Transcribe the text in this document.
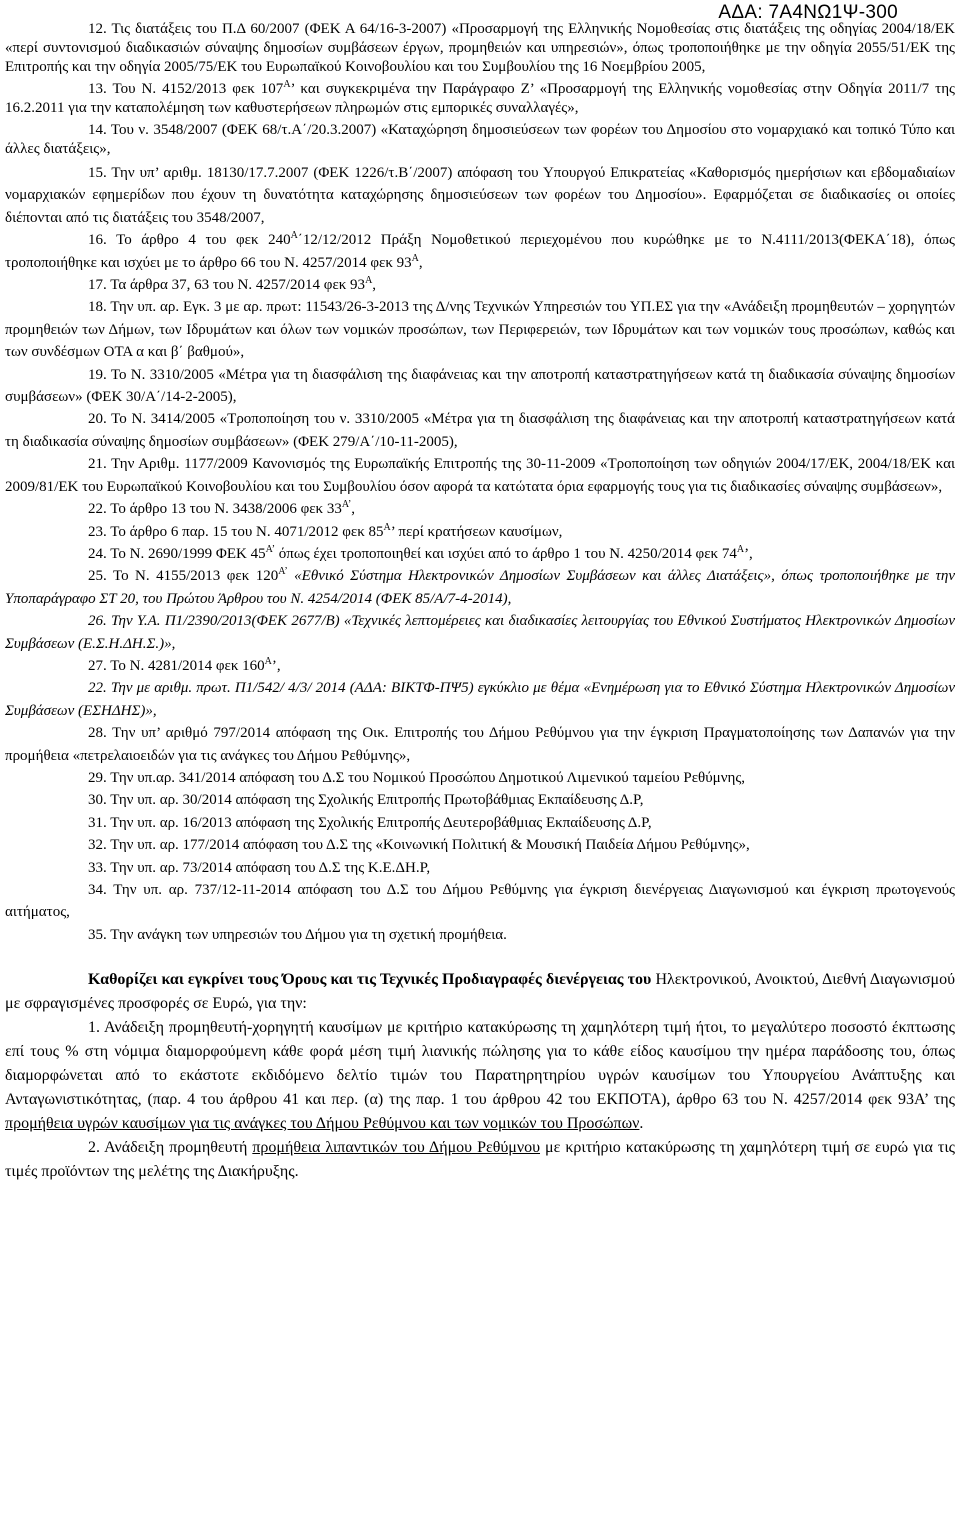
ΑΔΑ: 7Α4ΝΩ1Ψ-300
12. Τις διατάξεις του Π.Δ 60/2007 (ΦΕΚ Α 64/16-3-2007) «Προσαρμογή της Ελληνικής Νομοθεσίας στις διατάξεις της οδηγίας 2004/18/ΕΚ «περί συντονισμού διαδικασιών σύναψης δημοσίων συμβάσεων έργων, προμηθειών και υπηρεσιών», όπως τροποποιήθηκε με την οδηγία 2055/51/ΕΚ της Επιτροπής και την οδηγία 2005/75/ΕΚ του Ευρωπαϊκού Κοινοβουλίου και του Συμβουλίου της 16 Νοεμβρίου 2005,
13. Του Ν. 4152/2013 φεκ $107^A$’ και συγκεκριμένα την Παράγραφο Ζ’ «Προσαρμογή της Ελληνικής νομοθεσίας στην Οδηγία 2011/7 της 16.2.2011 για την καταπολέμηση των καθυστερήσεων πληρωμών στις εμπορικές συναλλαγές»,
14. Του ν. 3548/2007 (ΦΕΚ 68/τ.Α΄/20.3.2007) «Καταχώρηση δημοσιεύσεων των φορέων του Δημοσίου στο νομαρχιακό και τοπικό Τύπο και άλλες διατάξεις»,
15. Την υπ’ αριθμ. 18130/17.7.2007 (ΦΕΚ 1226/τ.Β΄/2007) απόφαση του Υπουργού Επικρατείας «Καθορισμός ημερήσιων και εβδομαδιαίων νομαρχιακών εφημερίδων που έχουν τη δυνατότητα καταχώρησης δημοσιεύσεων των φορέων του Δημοσίου». Εφαρμόζεται σε διαδικασίες οι οποίες διέπονται από τις διατάξεις του 3548/2007,
16. Το άρθρο 4 του φεκ $240^A΄12/12/2012$ Πράξη Νομοθετικού περιεχομένου που κυρώθηκε με το Ν.4111/2013(ΦΕΚΑ΄18), όπως τροποποιήθηκε και ισχύει με το άρθρο 66 του Ν. 4257/2014 φεκ $93^A$,
17. Τα άρθρα 37, 63 του Ν. 4257/2014 φεκ $93^A$,
18. Την υπ. αρ. Εγκ. 3 με αρ. πρωτ: 11543/26-3-2013 της Δ/νης Τεχνικών Υπηρεσιών του ΥΠ.ΕΣ για την «Ανάδειξη προμηθευτών – χορηγητών προμηθειών των Δήμων, των Ιδρυμάτων και όλων των νομικών προσώπων, των Περιφερειών, των Ιδρυμάτων και των νομικών τους προσώπων, καθώς και των συνδέσμων ΟΤΑ α και β΄ βαθμού»,
19. Το Ν. 3310/2005 «Μέτρα για τη διασφάλιση της διαφάνειας και την αποτροπή καταστρατηγήσεων κατά τη διαδικασία σύναψης δημοσίων συμβάσεων» (ΦΕΚ 30/Α΄/14-2-2005),
20. Το Ν. 3414/2005 «Τροποποίηση του ν. 3310/2005 «Μέτρα για τη διασφάλιση της διαφάνειας και την αποτροπή καταστρατηγήσεων κατά τη διαδικασία σύναψης δημοσίων συμβάσεων» (ΦΕΚ 279/Α΄/10-11-2005),
21. Την Αριθμ. 1177/2009 Κανονισμός της Ευρωπαϊκής Επιτροπής της 30-11-2009 «Τροποποίηση των οδηγιών 2004/17/ΕΚ, 2004/18/ΕΚ και 2009/81/ΕΚ του Ευρωπαϊκού Κοινοβουλίου και του Συμβουλίου όσον αφορά τα κατώτατα όρια εφαρμογής τους για τις διαδικασίες σύναψης συμβάσεων»,
22. Το άρθρο 13 του Ν. 3438/2006 φεκ $33^{A’}$,
23. Το άρθρο 6 παρ. 15 του Ν. 4071/2012 φεκ $85^A$’ περί κρατήσεων καυσίμων,
24. Το Ν. 2690/1999 ΦΕΚ $45^{A’}$ όπως έχει τροποποιηθεί και ισχύει από το άρθρο 1 του Ν. 4250/2014 φεκ $74^A$’,
25. Το Ν. 4155/2013 φεκ $120^{A’}$ «Εθνικό Σύστημα Ηλεκτρονικών Δημοσίων Συμβάσεων και άλλες Διατάξεις», όπως τροποποιήθηκε με την Υποπαράγραφο ΣΤ 20, του Πρώτου Άρθρου του Ν. 4254/2014 (ΦΕΚ 85/Α/7-4-2014),
26. Την Υ.Α. Π1/2390/2013(ΦΕΚ 2677/Β) «Τεχνικές λεπτομέρειες και διαδικασίες λειτουργίας του Εθνικού Συστήματος Ηλεκτρονικών Δημοσίων Συμβάσεων (Ε.Σ.Η.ΔΗ.Σ.)»,
27. Το Ν. 4281/2014 φεκ $160^A$’,
22. Την με αριθμ. πρωτ. Π1/542/ 4/3/ 2014 (ΑΔΑ: ΒΙΚΤΦ-ΠΨ5) εγκύκλιο με θέμα «Ενημέρωση για το Εθνικό Σύστημα Ηλεκτρονικών Δημοσίων Συμβάσεων (ΕΣΗΔΗΣ)»,
28. Την υπ’ αριθμό 797/2014 απόφαση της Οικ. Επιτροπής του Δήμου Ρεθύμνου για την έγκριση Πραγματοποίησης των Δαπανών για την προμήθεια «πετρελαιοειδών για τις ανάγκες του Δήμου Ρεθύμνης»,
29. Την υπ.αρ. 341/2014 απόφαση του Δ.Σ του Νομικού Προσώπου Δημοτικού Λιμενικού ταμείου Ρεθύμνης,
30. Την υπ. αρ. 30/2014 απόφαση της Σχολικής Επιτροπής Πρωτοβάθμιας Εκπαίδευσης Δ.Ρ,
31. Την υπ. αρ. 16/2013 απόφαση της Σχολικής Επιτροπής Δευτεροβάθμιας Εκπαίδευσης Δ.Ρ,
32. Την υπ. αρ. 177/2014 απόφαση του Δ.Σ της «Κοινωνική Πολιτική & Μουσική Παιδεία Δήμου Ρεθύμνης»,
33. Την υπ. αρ. 73/2014 απόφαση του Δ.Σ της Κ.Ε.ΔΗ.Ρ,
34. Την υπ. αρ. 737/12-11-2014 απόφαση του Δ.Σ του Δήμου Ρεθύμνης για έγκριση διενέργειας Διαγωνισμού και έγκριση πρωτογενούς αιτήματος,
35. Την ανάγκη των υπηρεσιών του Δήμου για τη σχετική προμήθεια.
Καθορίζει και εγκρίνει τους Όρους και τις Τεχνικές Προδιαγραφές διενέργειας του Ηλεκτρονικού, Ανοικτού, Διεθνή Διαγωνισμού με σφραγισμένες προσφορές σε Ευρώ, για την:
1. Ανάδειξη προμηθευτή-χορηγητή καυσίμων με κριτήριο κατακύρωσης τη χαμηλότερη τιμή ήτοι, το μεγαλύτερο ποσοστό έκπτωσης επί τους % στη νόμιμα διαμορφούμενη κάθε φορά μέση τιμή λιανικής πώλησης για το κάθε είδος καυσίμου την ημέρα παράδοσης του, όπως διαμορφώνεται από το εκάστοτε εκδιδόμενο δελτίο τιμών του Παρατηρητηρίου υγρών καυσίμων του Υπουργείου Ανάπτυξης και Ανταγωνιστικότητας, (παρ. 4 του άρθρου 41 και περ. (α) της παρ. 1 του άρθρου 42 του ΕΚΠΟΤΑ), άρθρο 63 του Ν. 4257/2014 φεκ 93Α’ της προμήθεια υγρών καυσίμων για τις ανάγκες του Δήμου Ρεθύμνου και των νομικών του Προσώπων.
2. Ανάδειξη προμηθευτή προμήθεια λιπαντικών του Δήμου Ρεθύμνου με κριτήριο κατακύρωσης τη χαμηλότερη τιμή σε ευρώ για τις τιμές προϊόντων της μελέτης της Διακήρυξης.
